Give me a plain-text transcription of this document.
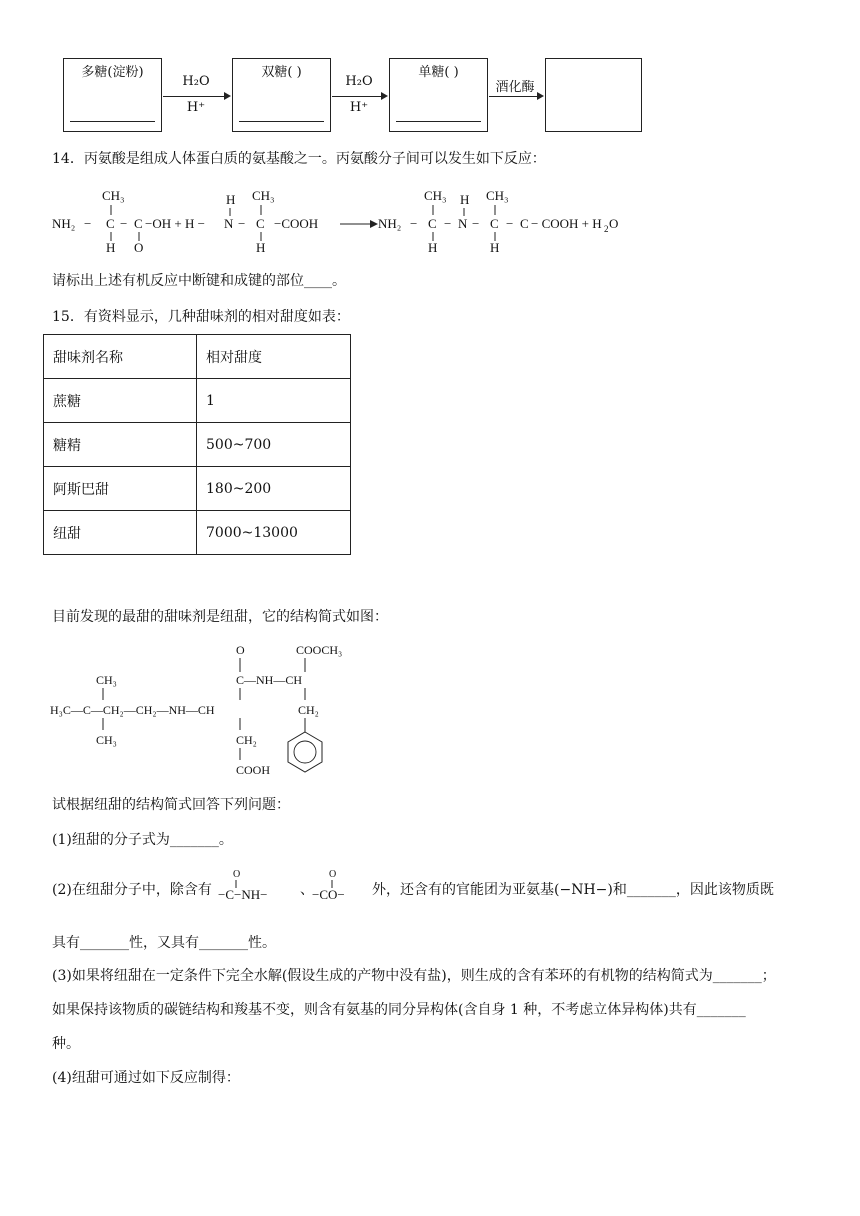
多糖(淀粉)
H₂O
H⁺
双糖( )
H₂O
H⁺
单糖( )
酒化酶
14．丙氨酸是组成人体蛋白质的氨基酸之一。丙氨酸分子间可以发生如下反应：
CH₃
NH₂ − C − C −OH + H −
H O
H
N −
CH₃
C −COOH
H
NH₂ −
CH₃
C
H
−
H
N −
CH₃
C
H
− C − COOH + H 2 O
请标出上述有机反应中断键和成键的部位____。
15．有资料显示，几种甜味剂的相对甜度如表：
甜味剂名称	相对甜度
蔗糖	1
糖精	500~700
阿斯巴甜	180~200
纽甜	7000~13000
目前发现的最甜的甜味剂是纽甜，它的结构简式如图：
O	COOCH₃
CH₃	C—NH—CH
H₃C—C—CH₂—CH₂—NH—CH	CH₂
CH₃	CH₂
COOH
试根据纽甜的结构简式回答下列问题：
(1)纽甜的分子式为_______。
(2)在纽甜分子中，除含有
O
−C−NH− 、
O
−CO− 外，还含有的官能团为亚氨基(−NH−)和_______，因此该物质既
具有_______性，又具有_______性。
(3)如果将纽甜在一定条件下完全水解(假设生成的产物中没有盐)，则生成的含有苯环的有机物的结构简式为_______；
如果保持该物质的碳链结构和羧基不变，则含有氨基的同分异构体(含自身 1 种，不考虑立体异构体)共有_______
种。
(4)纽甜可通过如下反应制得：
